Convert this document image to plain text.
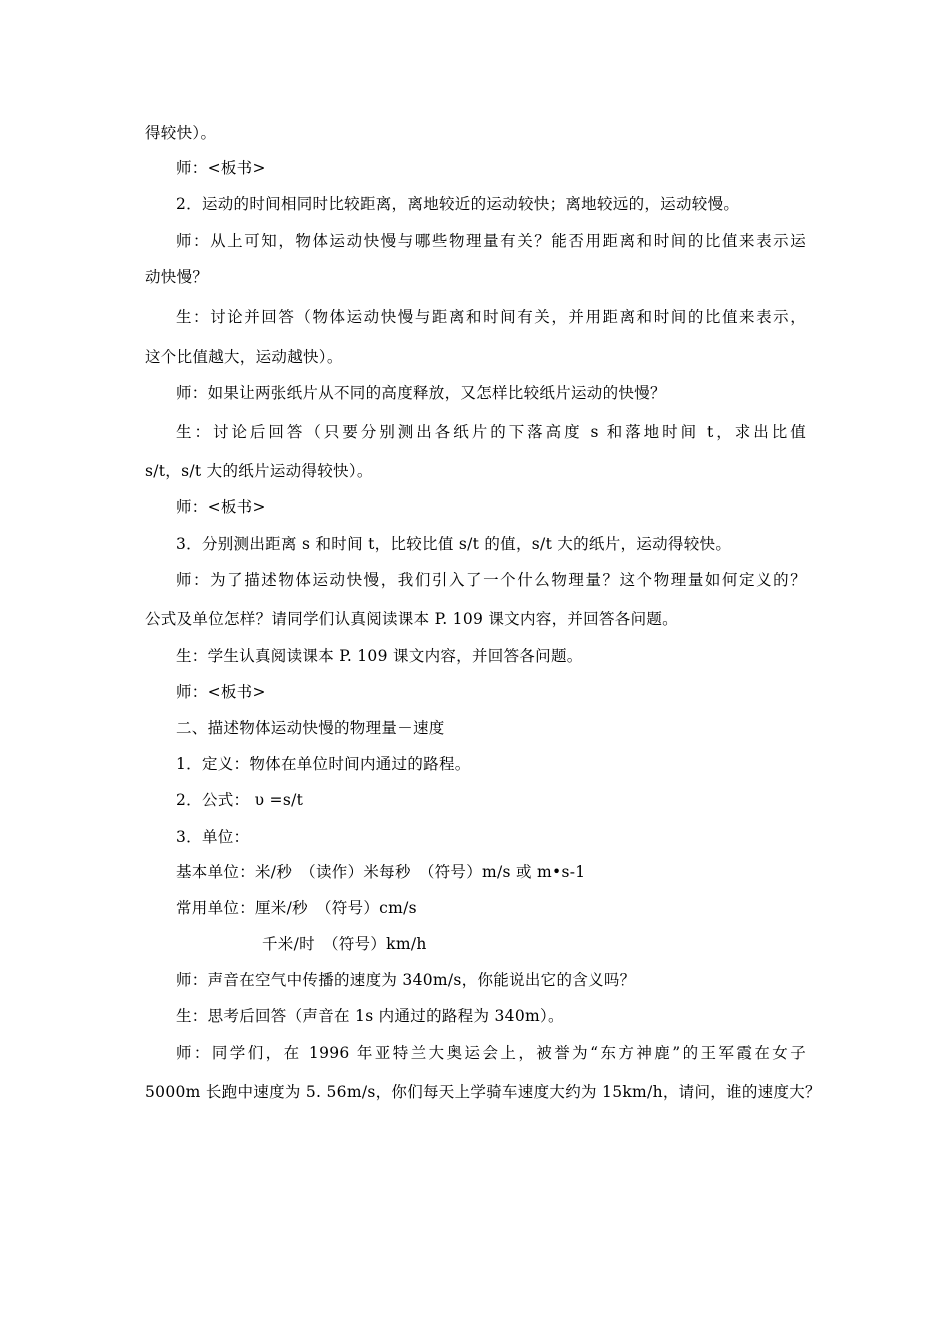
得较快）。
师：<板书>
2．运动的时间相同时比较距离，离地较近的运动较快；离地较远的，运动较慢。
师：从上可知，物体运动快慢与哪些物理量有关？能否用距离和时间的比值来表示运
动快慢？
生：讨论并回答（物体运动快慢与距离和时间有关，并用距离和时间的比值来表示，
这个比值越大，运动越快）。
师：如果让两张纸片从不同的高度释放，又怎样比较纸片运动的快慢？
生：讨论后回答（只要分别测出各纸片的下落高度 s 和落地时间 t，求出比值
s/t，s/t 大的纸片运动得较快）。
师：<板书>
3．分别测出距离 s 和时间 t，比较比值 s/t 的值，s/t 大的纸片，运动得较快。
师：为了描述物体运动快慢，我们引入了一个什么物理量？这个物理量如何定义的？
公式及单位怎样？请同学们认真阅读课本 P. 109 课文内容，并回答各问题。
生：学生认真阅读课本 P. 109 课文内容，并回答各问题。
师：<板书>
二、描述物体运动快慢的物理量－速度
1．定义：物体在单位时间内通过的路程。
2．公式： υ =s/t
3．单位：
基本单位：米/秒　（读作）米每秒　（符号）m/s 或 m•s-1
常用单位：厘米/秒　（符号）cm/s
千米/时　（符号）km/h
师：声音在空气中传播的速度为 340m/s，你能说出它的含义吗？
生：思考后回答（声音在 1s 内通过的路程为 340m）。
师：同学们，在 1996 年亚特兰大奥运会上，被誉为“东方神鹿”的王军霞在女子
5000m 长跑中速度为 5. 56m/s，你们每天上学骑车速度大约为 15km/h，请问，谁的速度大？
